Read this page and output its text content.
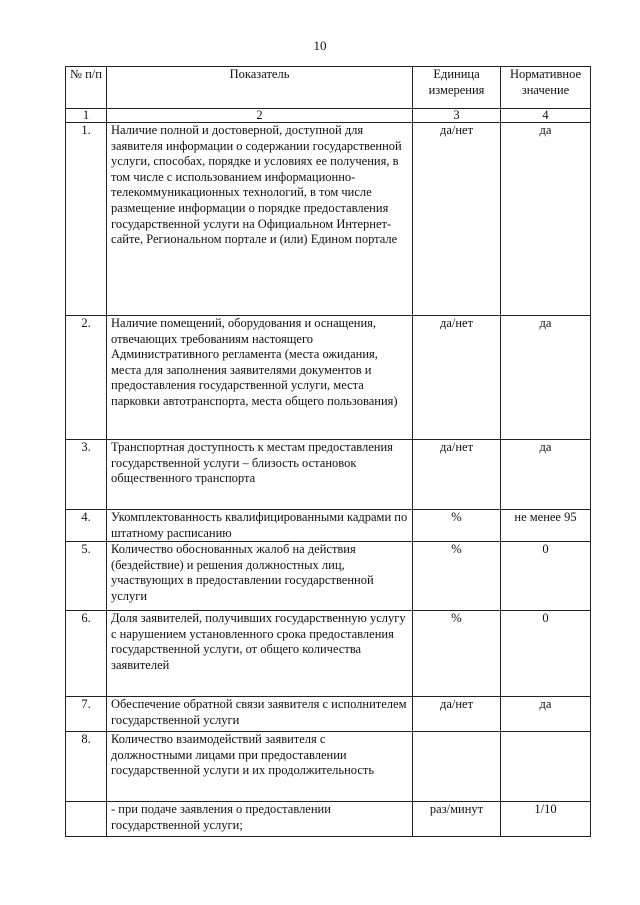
10
№ п/п	Показатель	Единица измерения	Нормативное значение
1	2	3	4
1.	Наличие полной и достоверной, доступной для заявителя информации о содержании государственной услуги, способах, порядке и условиях ее получения, в том числе с использованием информационно-телекоммуникационных технологий, в том числе размещение информации о порядке предоставления государственной услуги на Официальном Интернет-сайте, Региональном портале и (или) Едином портале	да/нет	да
2.	Наличие помещений, оборудования и оснащения, отвечающих требованиям настоящего Административного регламента (места ожидания, места для заполнения заявителями документов и предоставления государственной услуги, места парковки автотранспорта, места общего пользования)	да/нет	да
3.	Транспортная доступность к местам предоставления государственной услуги – близость остановок общественного транспорта	да/нет	да
4.	Укомплектованность квалифицированными кадрами по штатному расписанию	%	не менее 95
5.	Количество обоснованных жалоб на действия (бездействие) и решения должностных лиц, участвующих в предоставлении государственной услуги	%	0
6.	Доля заявителей, получивших государственную услугу с нарушением установленного срока предоставления государственной услуги, от общего количества заявителей	%	0
7.	Обеспечение обратной связи заявителя с исполнителем государственной услуги	да/нет	да
8.	Количество взаимодействий заявителя с должностными лицами при предоставлении государственной услуги и их продолжительность		
	- при подаче заявления о предоставлении государственной услуги;	раз/минут	1/10
